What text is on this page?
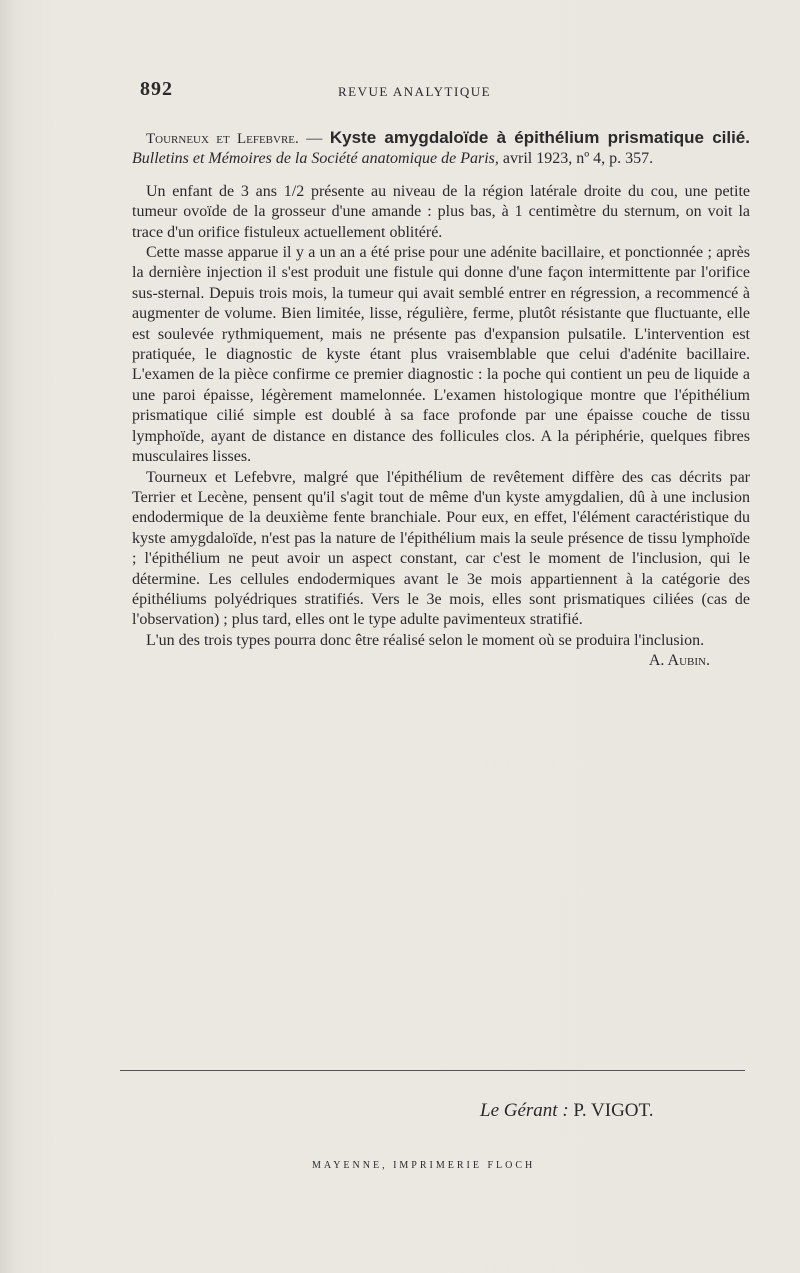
892	REVUE ANALYTIQUE

Tourneux et Lefebvre. — Kyste amygdaloïde à épithélium prismatique cilié. Bulletins et Mémoires de la Société anatomique de Paris, avril 1923, nº 4, p. 357.

Un enfant de 3 ans 1/2 présente au niveau de la région latérale droite du cou, une petite tumeur ovoïde de la grosseur d'une amande : plus bas, à 1 centimètre du sternum, on voit la trace d'un orifice fistuleux actuellement oblitéré.

Cette masse apparue il y a un an a été prise pour une adénite bacillaire, et ponctionnée ; après la dernière injection il s'est produit une fistule qui donne d'une façon intermittente par l'orifice sus-sternal. Depuis trois mois, la tumeur qui avait semblé entrer en régression, a recommencé à augmenter de volume. Bien limitée, lisse, régulière, ferme, plutôt résistante que fluctuante, elle est soulevée rythmiquement, mais ne présente pas d'expansion pulsatile. L'intervention est pratiquée, le diagnostic de kyste étant plus vraisemblable que celui d'adénite bacillaire. L'examen de la pièce confirme ce premier diagnostic : la poche qui contient un peu de liquide a une paroi épaisse, légèrement mamelonnée. L'examen histologique montre que l'épithélium prismatique cilié simple est doublé à sa face profonde par une épaisse couche de tissu lymphoïde, ayant de distance en distance des follicules clos. A la périphérie, quelques fibres musculaires lisses.

Tourneux et Lefebvre, malgré que l'épithélium de revêtement diffère des cas décrits par Terrier et Lecène, pensent qu'il s'agit tout de même d'un kyste amygdalien, dû à une inclusion endodermique de la deuxième fente branchiale. Pour eux, en effet, l'élément caractéristique du kyste amygdaloïde, n'est pas la nature de l'épithélium mais la seule présence de tissu lymphoïde ; l'épithélium ne peut avoir un aspect constant, car c'est le moment de l'inclusion, qui le détermine. Les cellules endodermiques avant le 3e mois appartiennent à la catégorie des épithéliums polyédriques stratifiés. Vers le 3e mois, elles sont prismatiques ciliées (cas de l'observation) ; plus tard, elles ont le type adulte pavimenteux stratifié.

L'un des trois types pourra donc être réalisé selon le moment où se produira l'inclusion.
A. Aubin.

Le Gérant : P. VIGOT.
MAYENNE, IMPRIMERIE FLOCH
